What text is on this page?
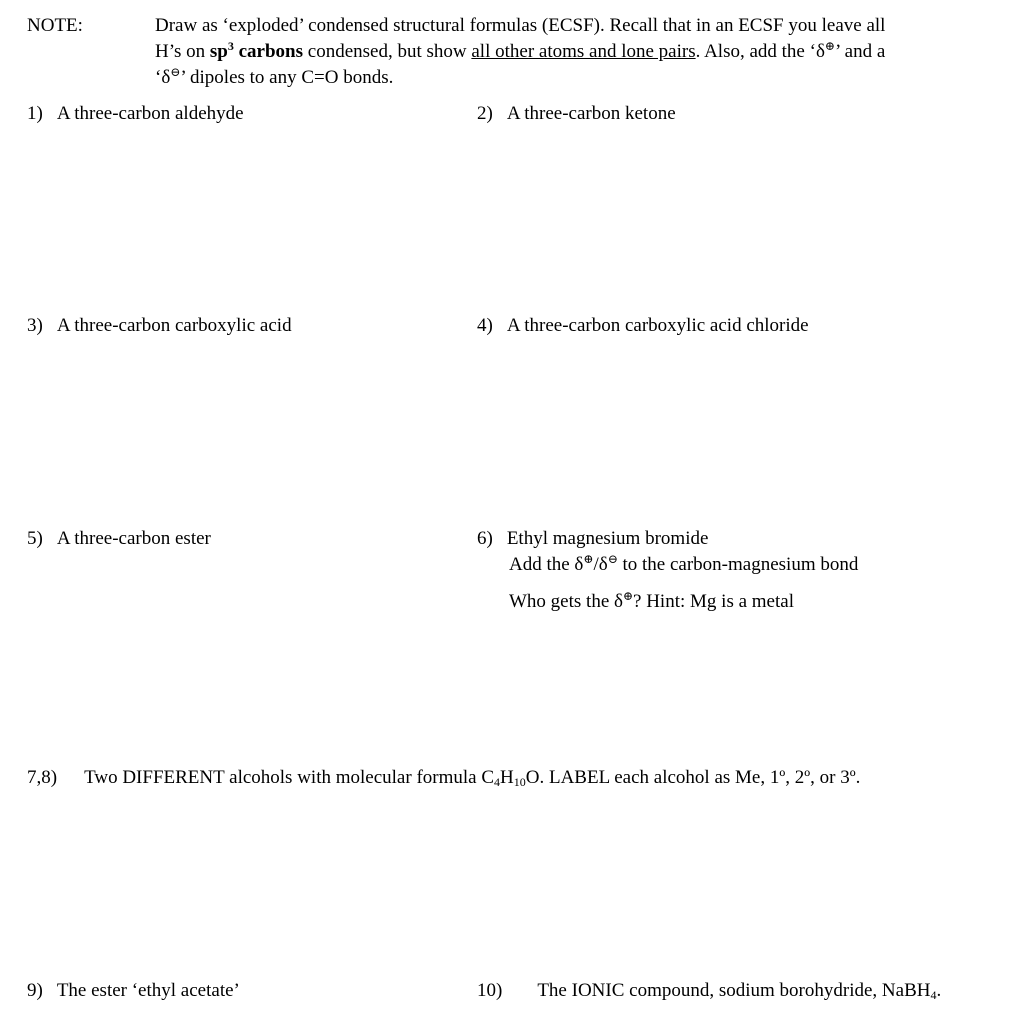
NOTE:	Draw as ‘exploded’ condensed structural formulas (ECSF). Recall that in an ECSF you leave all
H’s on $sp^3$ carbons condensed, but show all other atoms and lone pairs. Also, add the ‘δ⊕’ and a
‘δ⊖’ dipoles to any C=O bonds.
1) A three-carbon aldehyde	2) A three-carbon ketone
3) A three-carbon carboxylic acid	4) A three-carbon carboxylic acid chloride
5) A three-carbon ester	6) Ethyl magnesium bromide
Add the δ⊕/δ⊖ to the carbon-magnesium bond
Who gets the δ⊕? Hint: Mg is a metal
7,8) Two DIFFERENT alcohols with molecular formula $C_4H_{10}O$. LABEL each alcohol as Me, 1º, 2º, or 3º.
9) The ester ‘ethyl acetate’	10) The IONIC compound, sodium borohydride, NaBH$_4$.
